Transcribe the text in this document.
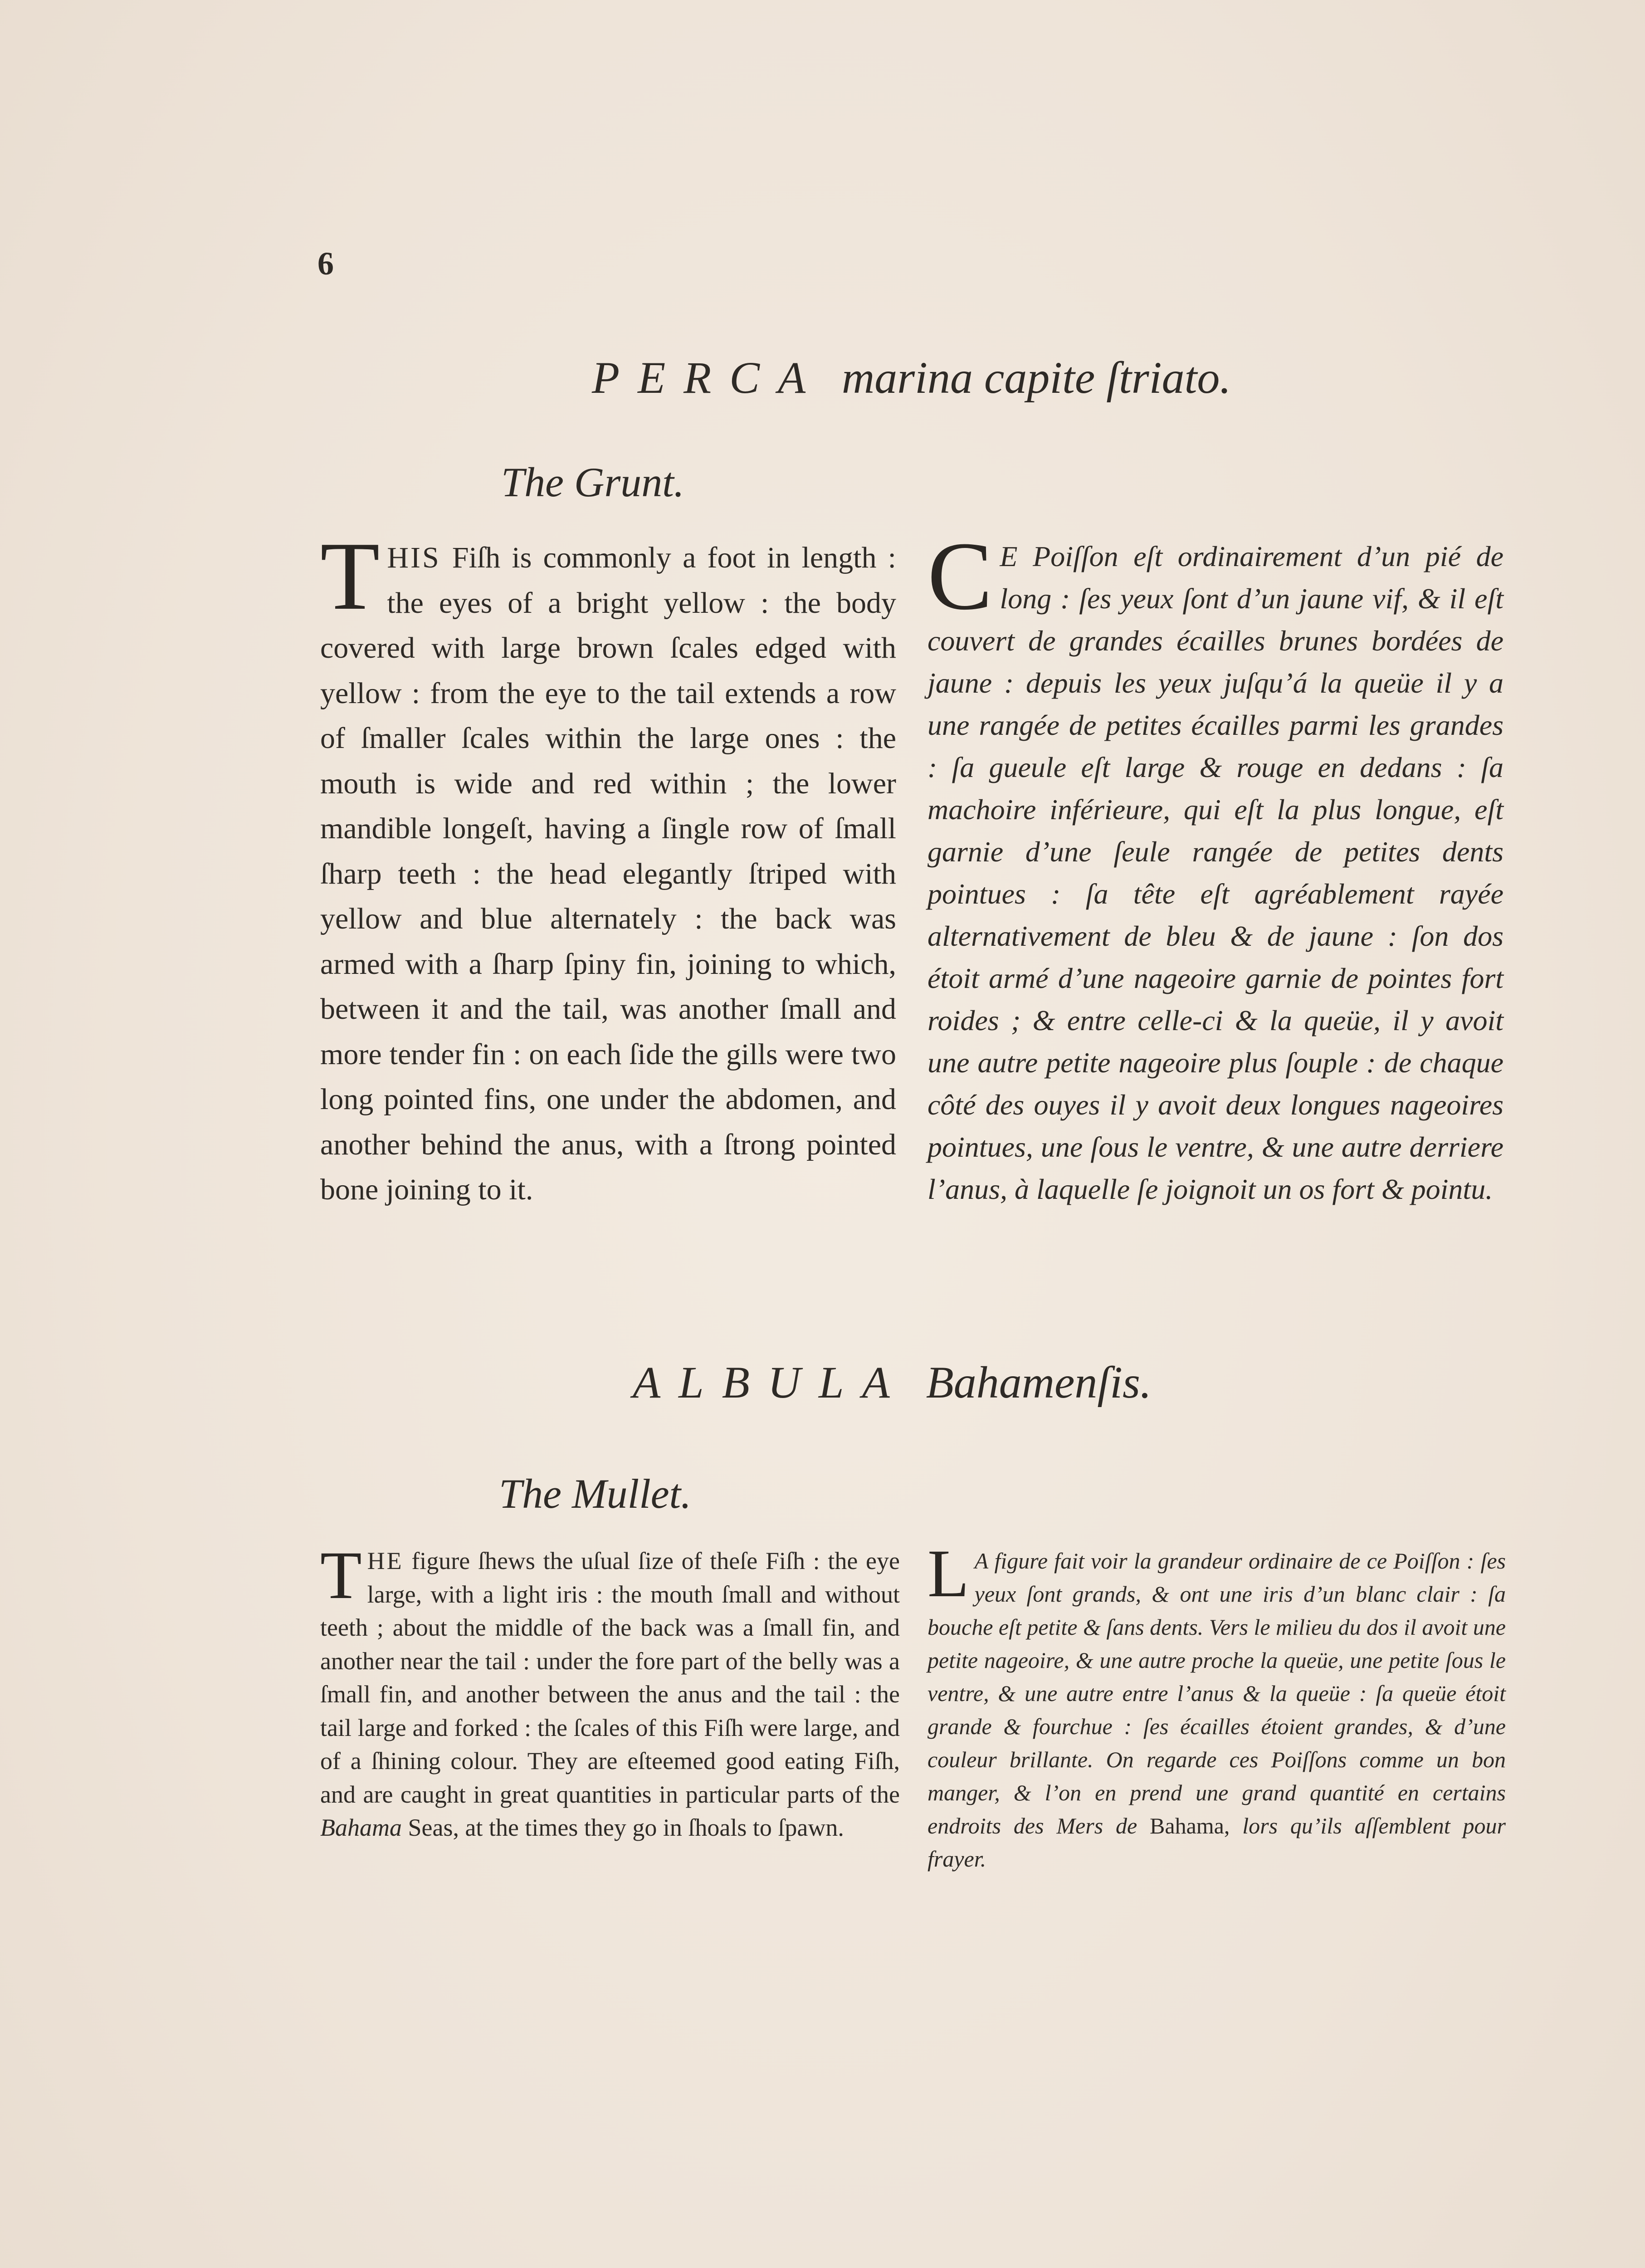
6
PERCA marina capite ſtriato.
The Grunt.

THIS Fiſh is commonly a foot in length : the eyes of a bright yellow : the body covered with large brown ſcales edged with yellow : from the eye to the tail extends a row of ſmaller ſcales within the large ones : the mouth is wide and red within ; the lower mandible longeſt, having a ſingle row of ſmall ſharp teeth : the head elegantly ſtriped with yellow and blue alternately : the back was armed with a ſharp ſpiny fin, joining to which, between it and the tail, was another ſmall and more tender fin : on each ſide the gills were two long pointed fins, one under the abdomen, and another behind the anus, with a ſtrong pointed bone joining to it.

C E Poiſſon eſt ordinairement d’un pié de long : ſes yeux ſont d’un jaune vif, & il eſt couvert de grandes écailles brunes bordées de jaune : depuis les yeux juſqu’á la queüe il y a une rangée de petites écailles parmi les grandes : ſa gueule eſt large & rouge en dedans : ſa machoire inférieure, qui eſt la plus longue, eſt garnie d’une ſeule rangée de petites dents pointues : ſa tête eſt agréablement rayée alternativement de bleu & de jaune : ſon dos étoit armé d’une nageoire garnie de pointes fort roides ; & entre celle-ci & la queüe, il y avoit une autre petite nageoire plus ſouple : de chaque côté des ouyes il y avoit deux longues nageoires pointues, une ſous le ventre, & une autre derriere l’anus, à laquelle ſe joignoit un os fort & pointu.

ALBULA Bahamenſis.
The Mullet.

THE figure ſhews the uſual ſize of theſe Fiſh : the eye large, with a light iris : the mouth ſmall and without teeth ; about the middle of the back was a ſmall fin, and another near the tail : under the fore part of the belly was a ſmall fin, and another between the anus and the tail : the tail large and forked : the ſcales of this Fiſh were large, and of a ſhining colour. They are eſteemed good eating Fiſh, and are caught in great quantities in particular parts of the Bahama Seas, at the times they go in ſhoals to ſpawn.

L A figure fait voir la grandeur ordinaire de ce Poiſſon : ſes yeux ſont grands, & ont une iris d’un blanc clair : ſa bouche eſt petite & ſans dents. Vers le milieu du dos il avoit une petite nageoire, & une autre proche la queüe, une petite ſous le ventre, & une autre entre l’anus & la queüe : ſa queüe étoit grande & fourchue : ſes écailles étoient grandes, & d’une couleur brillante. On regarde ces Poiſſons comme un bon manger, & l’on en prend une grand quantité en certains endroits des Mers de Bahama, lors qu’ils aſſemblent pour frayer.
